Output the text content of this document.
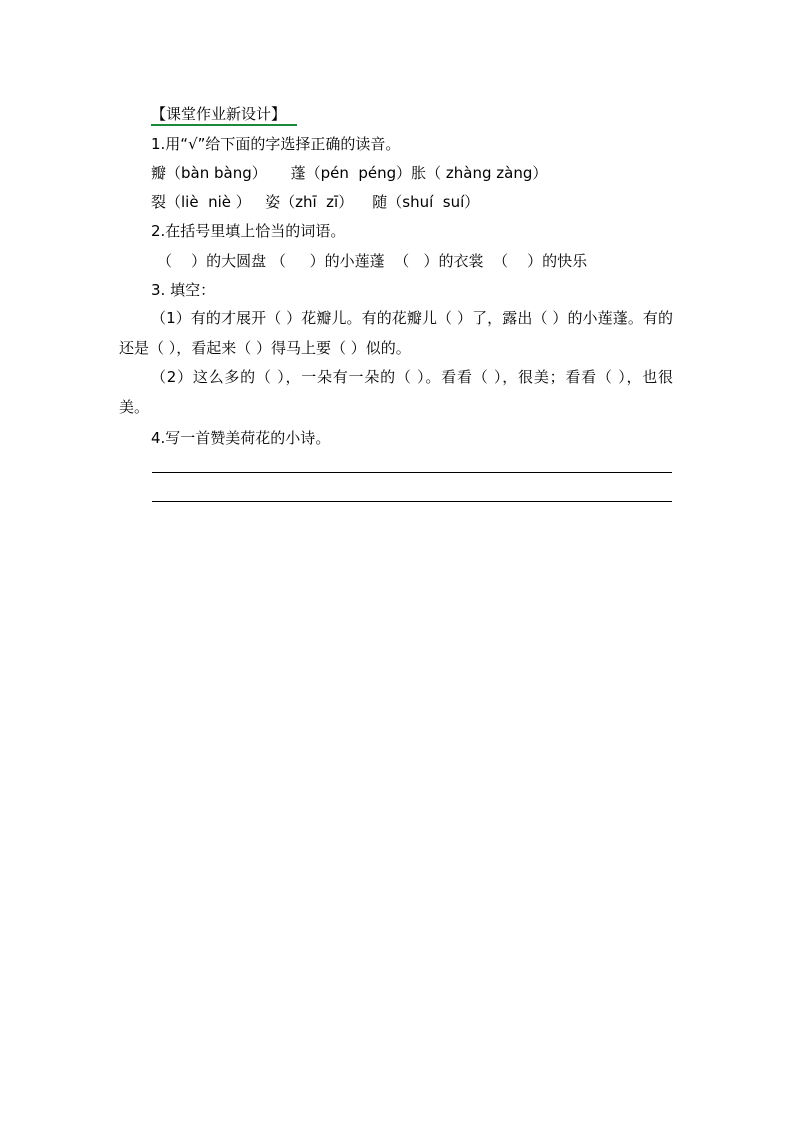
【课堂作业新设计】
1.用“√”给下面的字选择正确的读音。
瓣（bàn bàng）     蓬（pén  péng）胀（ zhàng zàng）
裂（liè  niè ）   姿（zhī  zī）    随（shuí  suí）
2.在括号里填上恰当的词语。
（    ）的大圆盘 （     ）的小莲蓬  （   ）的衣裳  （    ）的快乐
3. 填空：
（1）有的才展开（ ）花瓣儿。有的花瓣儿（ ）了，露出（ ）的小莲蓬。有的还是（ ），看起来（ ）得马上要（ ）似的。
（2）这么多的（ ），一朵有一朵的（ ）。看看（ ），很美；看看（ ），也很美。
4.写一首赞美荷花的小诗。
